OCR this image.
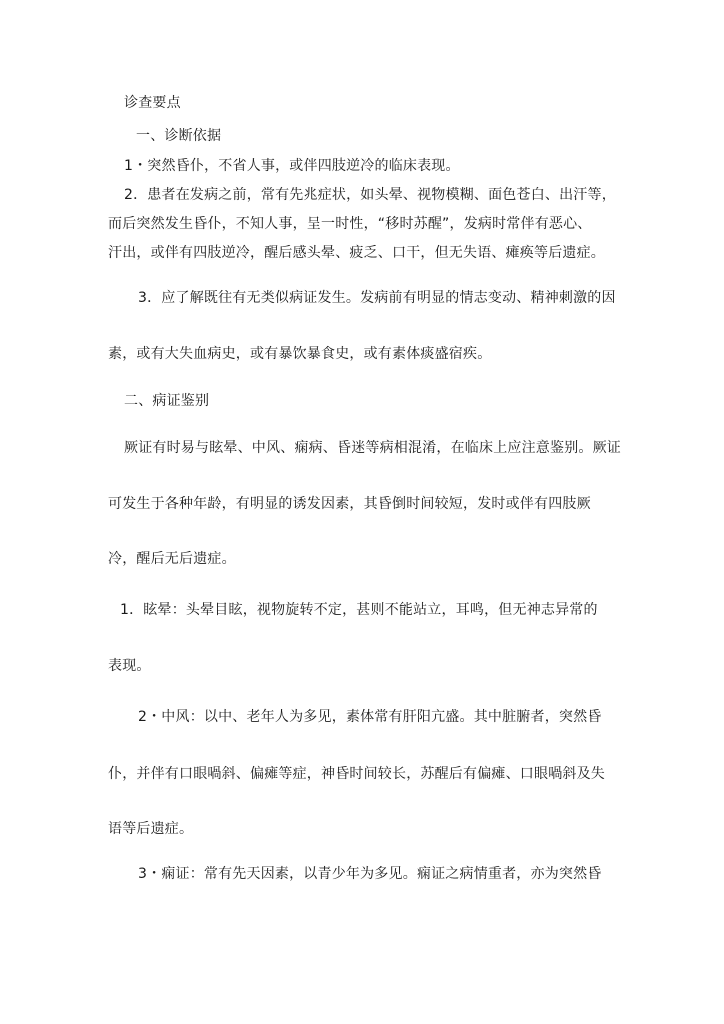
诊查要点
一、诊断依据
1・突然昏仆，不省人事，或伴四肢逆冷的临床表现。
2．患者在发病之前，常有先兆症状，如头晕、视物模糊、面色苍白、出汗等，
而后突然发生昏仆，不知人事，呈一时性，“移时苏醒”，发病时常伴有恶心、
汗出，或伴有四肢逆冷，醒后感头晕、疲乏、口干，但无失语、瘫痪等后遗症。
3．应了解既往有无类似病证发生。发病前有明显的情志变动、精神刺激的因
素，或有大失血病史，或有暴饮暴食史，或有素体痰盛宿疾。
二、病证鉴别
厥证有时易与眩晕、中风、痫病、昏迷等病相混淆，在临床上应注意鉴别。厥证
可发生于各种年龄，有明显的诱发因素，其昏倒时间较短，发时或伴有四肢厥
冷，醒后无后遗症。
1．眩晕：头晕目眩，视物旋转不定，甚则不能站立，耳鸣，但无神志异常的
表现。
2・中风：以中、老年人为多见，素体常有肝阳亢盛。其中脏腑者，突然昏
仆，并伴有口眼喎斜、偏瘫等症，神昏时间较长，苏醒后有偏瘫、口眼喎斜及失
语等后遗症。
3・痫证：常有先天因素，以青少年为多见。痫证之病情重者，亦为突然昏
